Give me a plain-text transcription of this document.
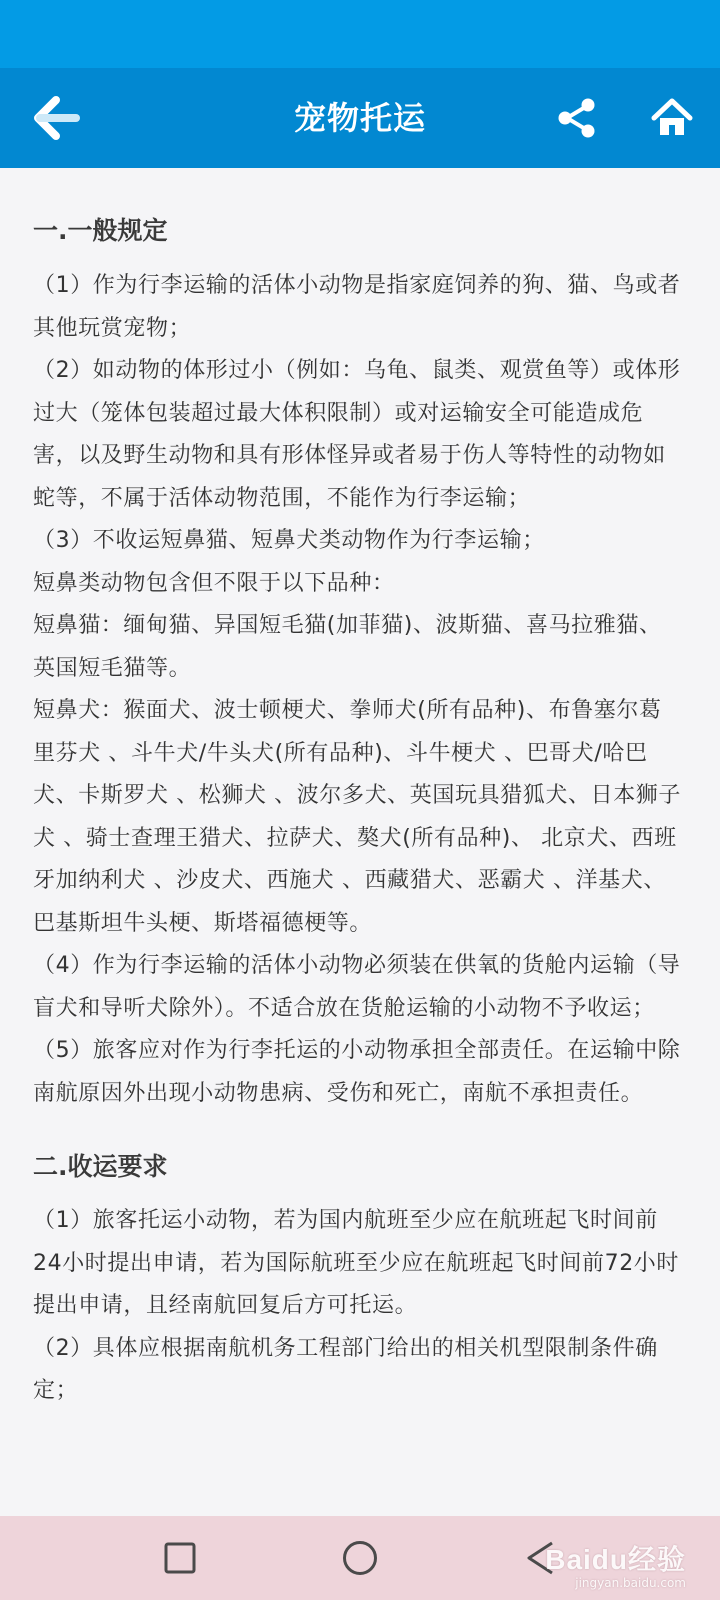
宠物托运
一.一般规定

（1）作为行李运输的活体小动物是指家庭饲养的狗、猫、鸟或者其他玩赏宠物；

（2）如动物的体形过小（例如：乌龟、鼠类、观赏鱼等）或体形过大（笼体包装超过最大体积限制）或对运输安全可能造成危害，以及野生动物和具有形体怪异或者易于伤人等特性的动物如蛇等，不属于活体动物范围，不能作为行李运输；

（3）不收运短鼻猫、短鼻犬类动物作为行李运输；

短鼻类动物包含但不限于以下品种：

短鼻猫：缅甸猫、异国短毛猫(加菲猫)、波斯猫、喜马拉雅猫、英国短毛猫等。

短鼻犬：猴面犬、波士顿梗犬、拳师犬(所有品种)、布鲁塞尔葛里芬犬 、斗牛犬/牛头犬(所有品种)、斗牛梗犬 、巴哥犬/哈巴犬、卡斯罗犬 、松狮犬 、波尔多犬、英国玩具猎狐犬、日本狮子犬 、骑士查理王猎犬、拉萨犬、獒犬(所有品种)、 北京犬、西班牙加纳利犬 、沙皮犬、西施犬 、西藏猎犬、恶霸犬 、洋基犬、巴基斯坦牛头梗、斯塔福德梗等。

（4）作为行李运输的活体小动物必须装在供氧的货舱内运输（导盲犬和导听犬除外）。不适合放在货舱运输的小动物不予收运；

（5）旅客应对作为行李托运的小动物承担全部责任。在运输中除南航原因外出现小动物患病、受伤和死亡，南航不承担责任。

二.收运要求

（1）旅客托运小动物，若为国内航班至少应在航班起飞时间前24小时提出申请，若为国际航班至少应在航班起飞时间前72小时提出申请，且经南航回复后方可托运。

（2）具体应根据南航机务工程部门给出的相关机型限制条件确定；

Baidu经验
jingyan.baidu.com
